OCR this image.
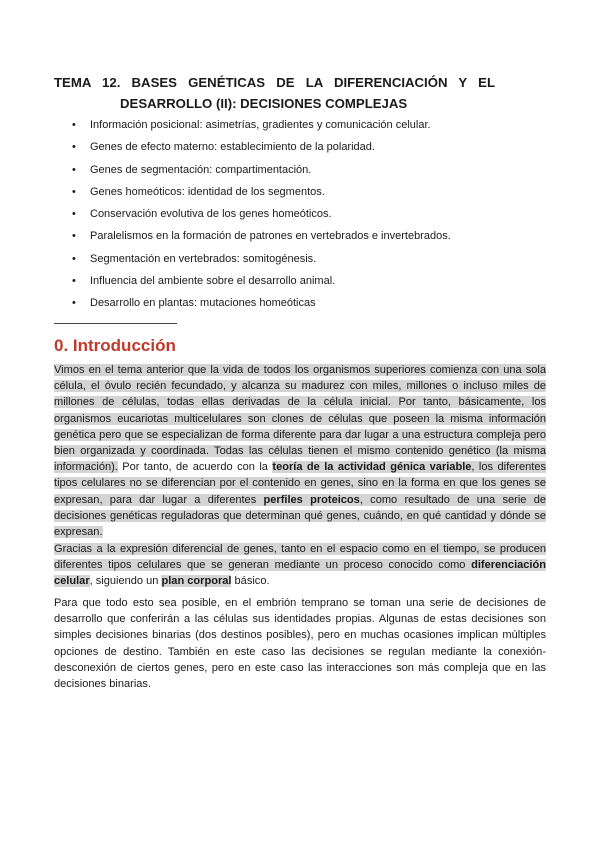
TEMA 12. BASES GENÉTICAS DE LA DIFERENCIACIÓN Y EL
DESARROLLO (II): DECISIONES COMPLEJAS
• Información posicional: asimetrías, gradientes y comunicación celular.
• Genes de efecto materno: establecimiento de la polaridad.
• Genes de segmentación: compartimentación.
• Genes homeóticos: identidad de los segmentos.
• Conservación evolutiva de los genes homeóticos.
• Paralelismos en la formación de patrones en vertebrados e invertebrados.
• Segmentación en vertebrados: somitogénesis.
• Influencia del ambiente sobre el desarrollo animal.
• Desarrollo en plantas: mutaciones homeóticas
0. Introducción

Vimos en el tema anterior que la vida de todos los organismos superiores comienza con una sola célula, el óvulo recién fecundado, y alcanza su madurez con miles, millones o incluso miles de millones de células, todas ellas derivadas de la célula inicial. Por tanto, básicamente, los organismos eucariotas multicelulares son clones de células que poseen la misma información genética pero que se especializan de forma diferente para dar lugar a una estructura compleja pero bien organizada y coordinada. Todas las células tienen el mismo contenido genético (la misma información). Por tanto, de acuerdo con la teoría de la actividad génica variable, los diferentes tipos celulares no se diferencian por el contenido en genes, sino en la forma en que los genes se expresan, para dar lugar a diferentes perfiles proteicos, como resultado de una serie de decisiones genéticas reguladoras que determinan qué genes, cuándo, en qué cantidad y dónde se expresan.

Gracias a la expresión diferencial de genes, tanto en el espacio como en el tiempo, se producen diferentes tipos celulares que se generan mediante un proceso conocido como diferenciación celular, siguiendo un plan corporal básico.

Para que todo esto sea posible, en el embrión temprano se toman una serie de decisiones de desarrollo que conferirán a las células sus identidades propias. Algunas de estas decisiones son simples decisiones binarias (dos destinos posibles), pero en muchas ocasiones implican múltiples opciones de destino. También en este caso las decisiones se regulan mediante la conexión-desconexión de ciertos genes, pero en este caso las interacciones son más compleja que en las decisiones binarias.
